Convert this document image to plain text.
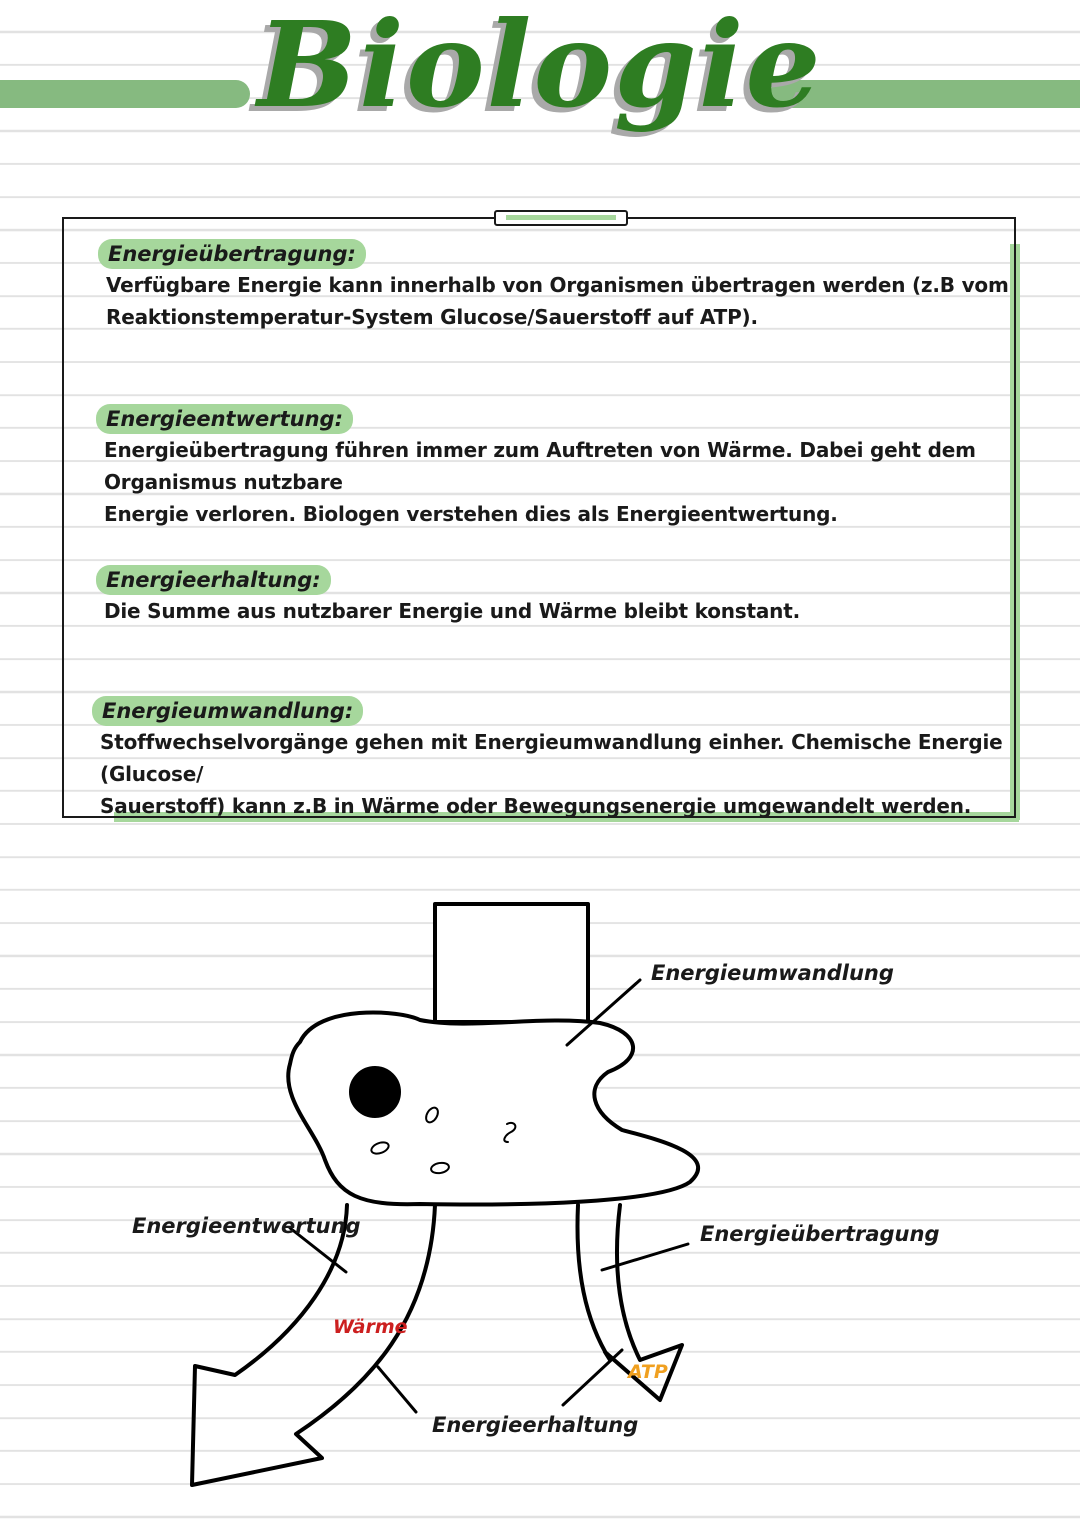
Biologie
Energieübertragung:

Verfügbare Energie kann innerhalb von Organismen übertragen werden (z.B vom

Reaktionstemperatur-System Glucose/Sauerstoff auf ATP).

Energieentwertung:

Energieübertragung führen immer zum Auftreten von Wärme. Dabei geht dem Organismus nutzbare

Energie verloren. Biologen verstehen dies als Energieentwertung.

Energieerhaltung:

Die Summe aus nutzbarer Energie und Wärme bleibt konstant.

Energieumwandlung:

Stoffwechselvorgänge gehen mit Energieumwandlung einher. Chemische Energie (Glucose/

Sauerstoff) kann z.B in Wärme oder Bewegungsenergie umgewandelt werden.

Energieumwandlung
Energieentwertung	Energieübertragung
Energieerhaltung
Wärme
ATP
